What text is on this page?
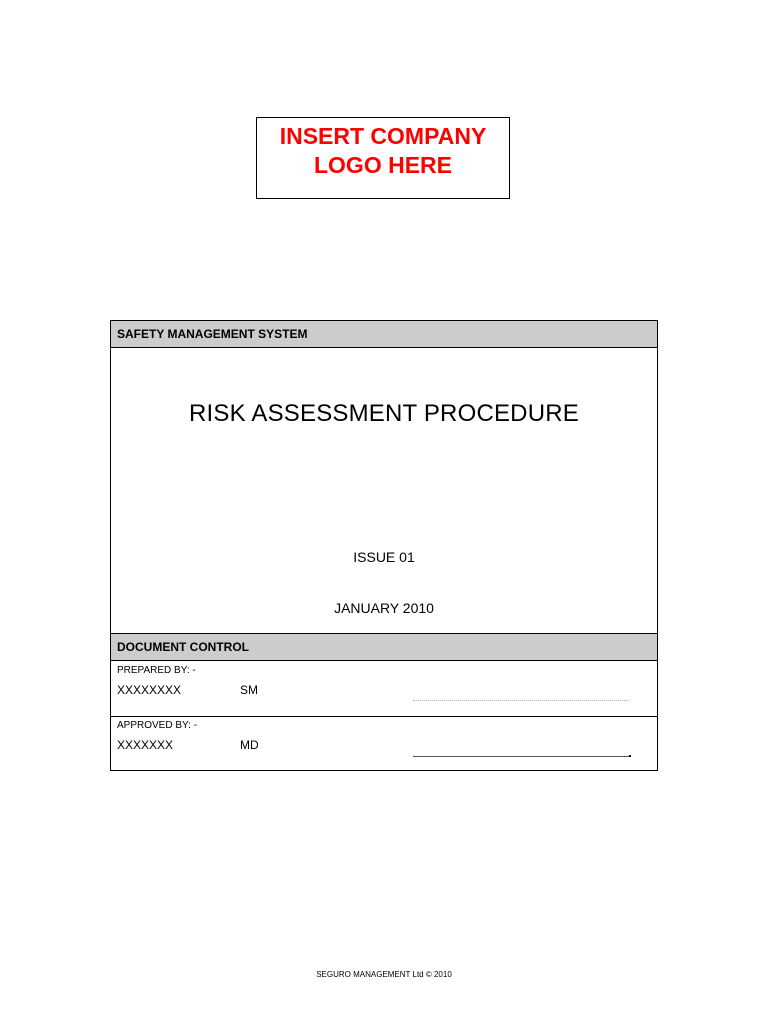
INSERT COMPANY
LOGO HERE
SAFETY MANAGEMENT SYSTEM
RISK ASSESSMENT PROCEDURE
ISSUE 01
JANUARY 2010
DOCUMENT CONTROL
PREPARED BY: -
XXXXXXXX	SM
APPROVED BY: -
XXXXXXX	MD
SEGURO MANAGEMENT Ltd © 2010
